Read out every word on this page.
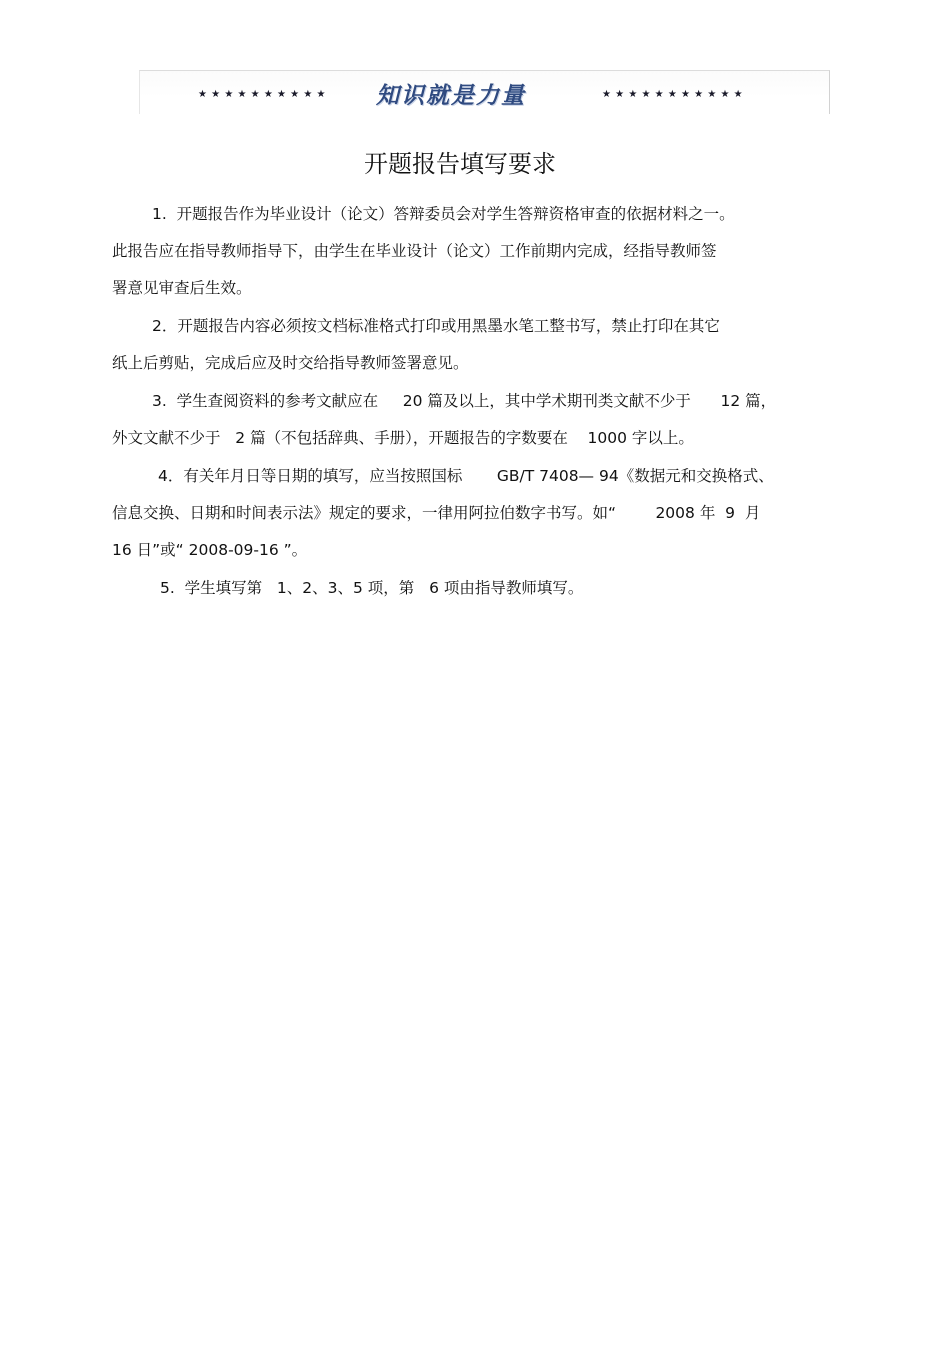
★★★★★★★★★★ 知识就是力量	★★★★★★★★★★★
开题报告填写要求
1.  开题报告作为毕业设计（论文）答辩委员会对学生答辩资格审查的依据材料之一。
此报告应在指导教师指导下，由学生在毕业设计（论文）工作前期内完成，经指导教师签
署意见审查后生效。
2．开题报告内容必须按文档标准格式打印或用黑墨水笔工整书写，禁止打印在其它
纸上后剪贴，完成后应及时交给指导教师签署意见。
3.  学生查阅资料的参考文献应在     20 篇及以上，其中学术期刊类文献不少于      12 篇，
外文文献不少于   2 篇（不包括辞典、手册），开题报告的字数要在    1000 字以上。
4．有关年月日等日期的填写，应当按照国标       GB/T 7408— 94《数据元和交换格式、
信息交换、日期和时间表示法》规定的要求，一律用阿拉伯数字书写。如“        2008 年  9  月
16 日”或“ 2008-09-16 ”。
5.  学生填写第   1、2、3、5 项，第   6 项由指导教师填写。
